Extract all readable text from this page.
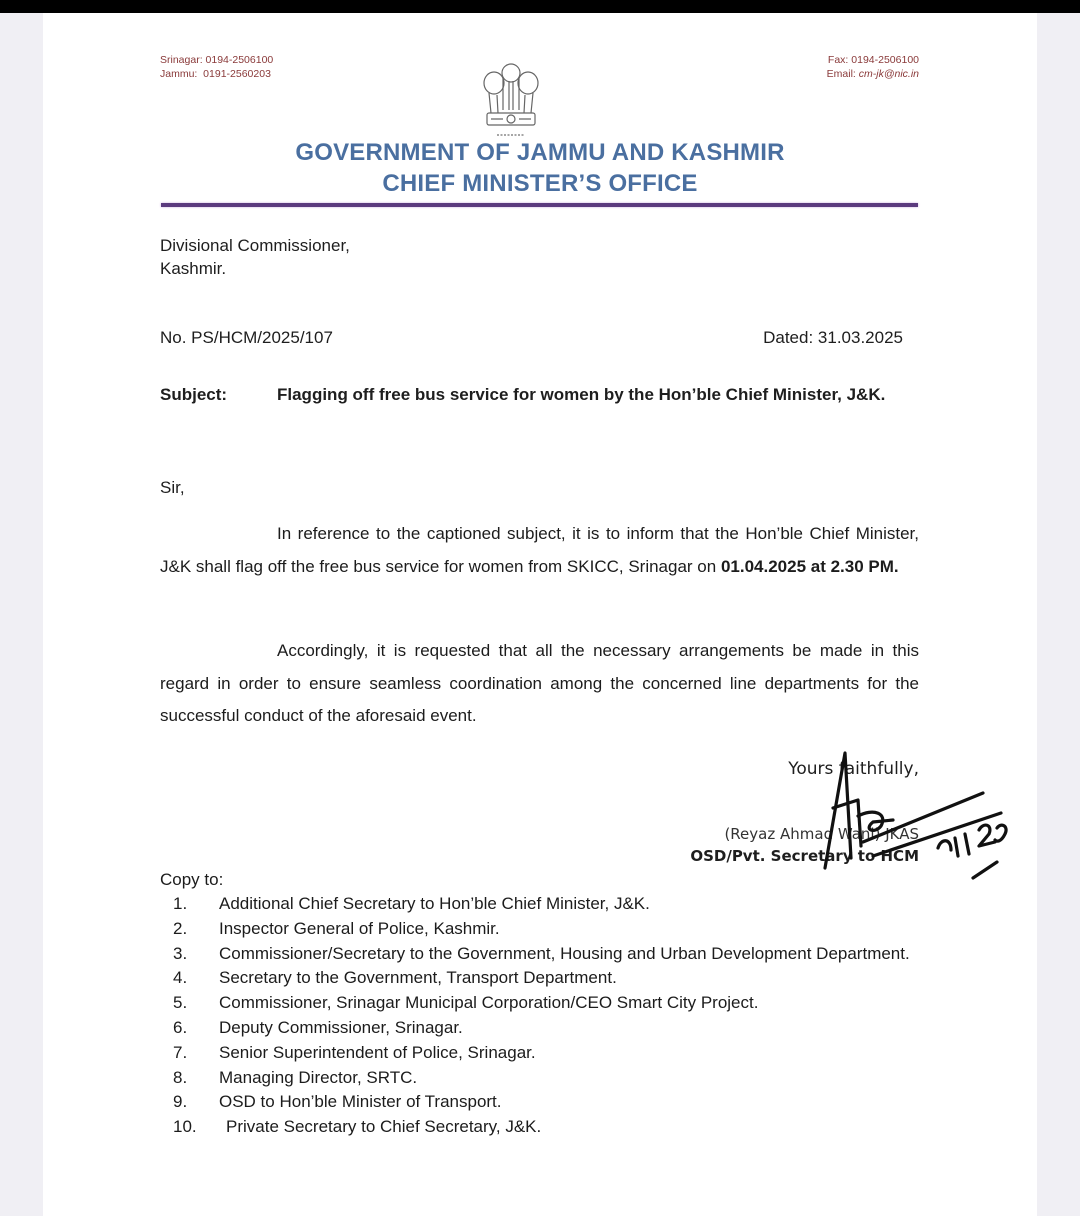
Srinagar: 0194-2506100
Jammu:  0191-2560203
Fax: 0194-2506100
Email: cm-jk@nic.in
GOVERNMENT OF JAMMU AND KASHMIR
CHIEF MINISTER’S OFFICE
Divisional Commissioner,
Kashmir.
No. PS/HCM/2025/107	Dated: 31.03.2025
Subject:	Flagging off free bus service for women by the Hon’ble Chief Minister, J&K.
Sir,
In reference to the captioned subject, it is to inform that the Hon’ble Chief Minister, J&K shall flag off the free bus service for women from SKICC, Srinagar on 01.04.2025 at 2.30 PM.
Accordingly, it is requested that all the necessary arrangements be made in this regard in order to ensure seamless coordination among the concerned line departments for the successful conduct of the aforesaid event.
Yours faithfully,
(Reyaz Ahmad Wani) JKAS
OSD/Pvt. Secretary to HCM
Copy to:
1.	Additional Chief Secretary to Hon’ble Chief Minister, J&K.
2.	Inspector General of Police, Kashmir.
3.	Commissioner/Secretary to the Government, Housing and Urban Development Department.
4.	Secretary to the Government, Transport Department.
5.	Commissioner, Srinagar Municipal Corporation/CEO Smart City Project.
6.	Deputy Commissioner, Srinagar.
7.	Senior Superintendent of Police, Srinagar.
8.	Managing Director, SRTC.
9.	OSD to Hon’ble Minister of Transport.
10.	Private Secretary to Chief Secretary, J&K.
